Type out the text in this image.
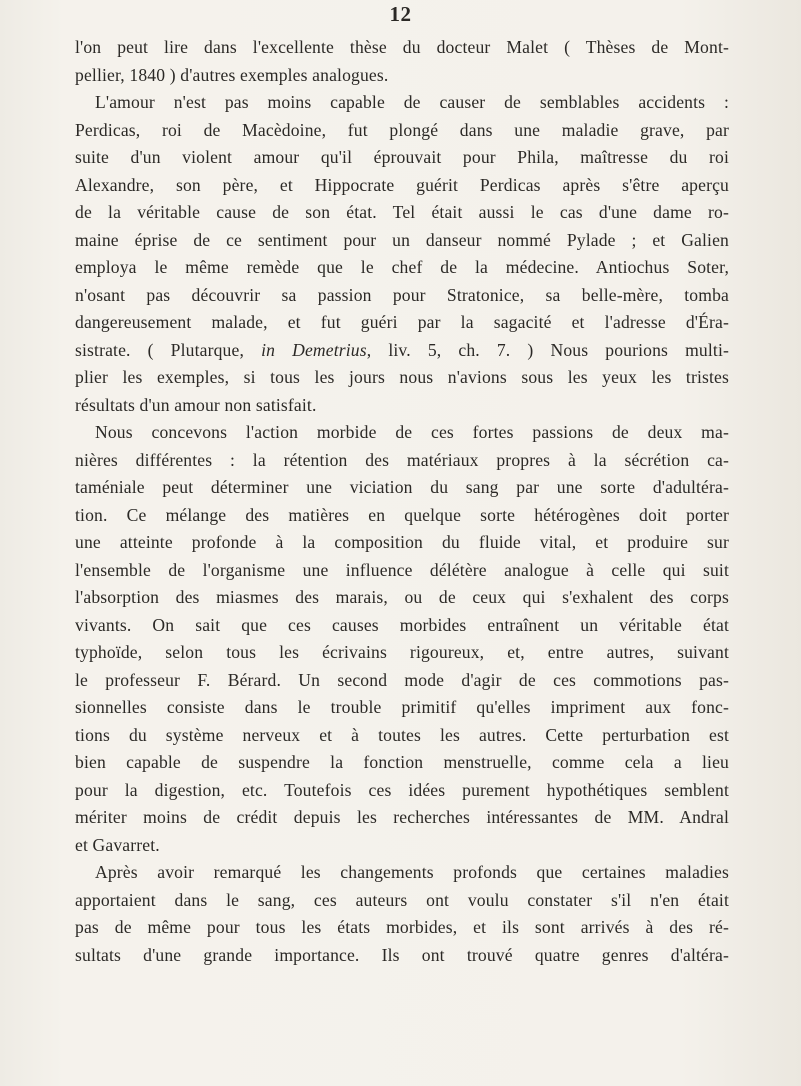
12
l'on peut lire dans l'excellente thèse du docteur Malet ( Thèses de Mont-
pellier, 1840 ) d'autres exemples analogues.
L'amour n'est pas moins capable de causer de semblables accidents :
Perdicas, roi de Macèdoine, fut plongé dans une maladie grave, par
suite d'un violent amour qu'il éprouvait pour Phila, maîtresse du roi
Alexandre, son père, et Hippocrate guérit Perdicas après s'être aperçu
de la véritable cause de son état. Tel était aussi le cas d'une dame ro-
maine éprise de ce sentiment pour un danseur nommé Pylade ; et Galien
employa le même remède que le chef de la médecine. Antiochus Soter,
n'osant pas découvrir sa passion pour Stratonice, sa belle-mère, tomba
dangereusement malade, et fut guéri par la sagacité et l'adresse d'Éra-
sistrate. ( Plutarque, in Demetrius, liv. 5, ch. 7. ) Nous pourions multi-
plier les exemples, si tous les jours nous n'avions sous les yeux les tristes
résultats d'un amour non satisfait.
Nous concevons l'action morbide de ces fortes passions de deux ma-
nières différentes : la rétention des matériaux propres à la sécrétion ca-
taméniale peut déterminer une viciation du sang par une sorte d'adultéra-
tion. Ce mélange des matières en quelque sorte hétérogènes doit porter
une atteinte profonde à la composition du fluide vital, et produire sur
l'ensemble de l'organisme une influence délétère analogue à celle qui suit
l'absorption des miasmes des marais, ou de ceux qui s'exhalent des corps
vivants. On sait que ces causes morbides entraînent un véritable état
typhoïde, selon tous les écrivains rigoureux, et, entre autres, suivant
le professeur F. Bérard. Un second mode d'agir de ces commotions pas-
sionnelles consiste dans le trouble primitif qu'elles impriment aux fonc-
tions du système nerveux et à toutes les autres. Cette perturbation est
bien capable de suspendre la fonction menstruelle, comme cela a lieu
pour la digestion, etc. Toutefois ces idées purement hypothétiques semblent
mériter moins de crédit depuis les recherches intéressantes de MM. Andral
et Gavarret.
Après avoir remarqué les changements profonds que certaines maladies
apportaient dans le sang, ces auteurs ont voulu constater s'il n'en était
pas de même pour tous les états morbides, et ils sont arrivés à des ré-
sultats d'une grande importance. Ils ont trouvé quatre genres d'altéra-
